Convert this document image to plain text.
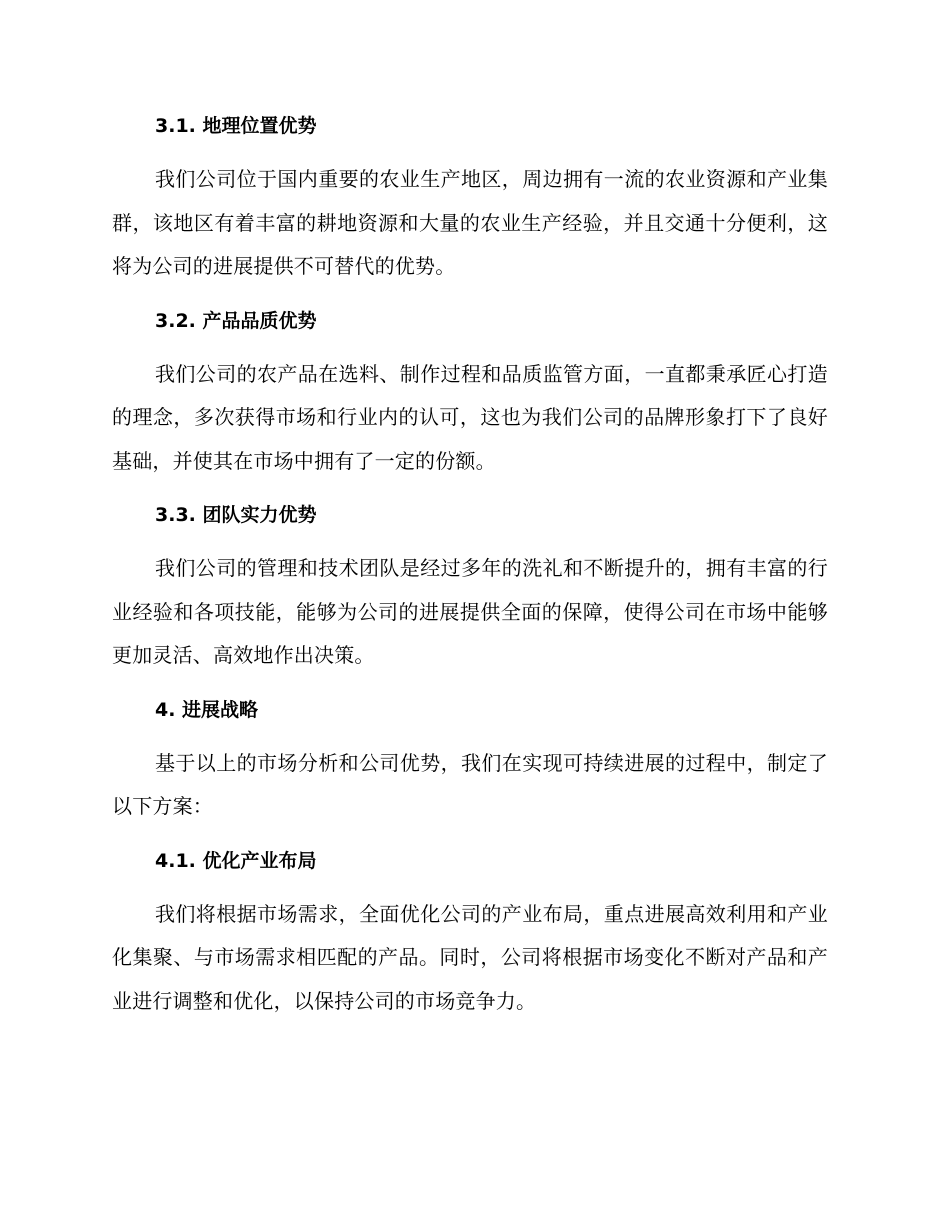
3.1. 地理位置优势

我们公司位于国内重要的农业生产地区，周边拥有一流的农业资源和产业集群，该地区有着丰富的耕地资源和大量的农业生产经验，并且交通十分便利，这将为公司的进展提供不可替代的优势。

3.2. 产品品质优势

我们公司的农产品在选料、制作过程和品质监管方面，一直都秉承匠心打造的理念，多次获得市场和行业内的认可，这也为我们公司的品牌形象打下了良好基础，并使其在市场中拥有了一定的份额。

3.3. 团队实力优势

我们公司的管理和技术团队是经过多年的洗礼和不断提升的，拥有丰富的行业经验和各项技能，能够为公司的进展提供全面的保障，使得公司在市场中能够更加灵活、高效地作出决策。

4. 进展战略

基于以上的市场分析和公司优势，我们在实现可持续进展的过程中，制定了以下方案：

4.1. 优化产业布局

我们将根据市场需求，全面优化公司的产业布局，重点进展高效利用和产业化集聚、与市场需求相匹配的产品。同时，公司将根据市场变化不断对产品和产业进行调整和优化，以保持公司的市场竞争力。
